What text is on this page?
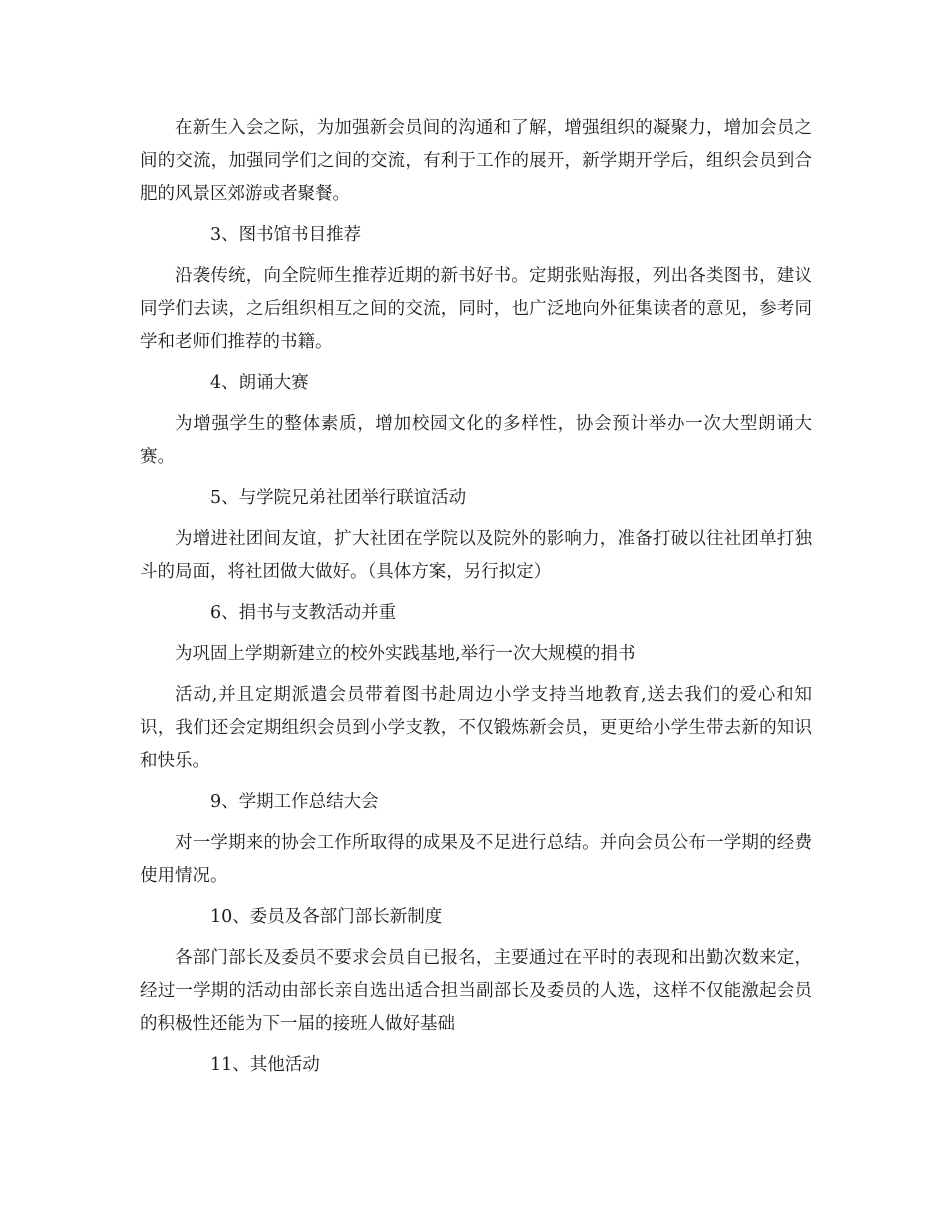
在新生入会之际，为加强新会员间的沟通和了解，增强组织的凝聚力，增加会员之间的交流，加强同学们之间的交流，有利于工作的展开，新学期开学后，组织会员到合肥的风景区郊游或者聚餐。

3、图书馆书目推荐

沿袭传统，向全院师生推荐近期的新书好书。定期张贴海报，列出各类图书，建议同学们去读，之后组织相互之间的交流，同时，也广泛地向外征集读者的意见，参考同学和老师们推荐的书籍。

4、朗诵大赛

为增强学生的整体素质，增加校园文化的多样性，协会预计举办一次大型朗诵大赛。

5、与学院兄弟社团举行联谊活动

为增进社团间友谊，扩大社团在学院以及院外的影响力，准备打破以往社团单打独斗的局面，将社团做大做好。（具体方案，另行拟定）

6、捐书与支教活动并重

为巩固上学期新建立的校外实践基地,举行一次大规模的捐书

活动,并且定期派遣会员带着图书赴周边小学支持当地教育,送去我们的爱心和知识，我们还会定期组织会员到小学支教，不仅锻炼新会员，更更给小学生带去新的知识和快乐。

9、学期工作总结大会

对一学期来的协会工作所取得的成果及不足进行总结。并向会员公布一学期的经费使用情况。

10、委员及各部门部长新制度

各部门部长及委员不要求会员自已报名，主要通过在平时的表现和出勤次数来定，经过一学期的活动由部长亲自选出适合担当副部长及委员的人选，这样不仅能激起会员的积极性还能为下一届的接班人做好基础

11、其他活动
